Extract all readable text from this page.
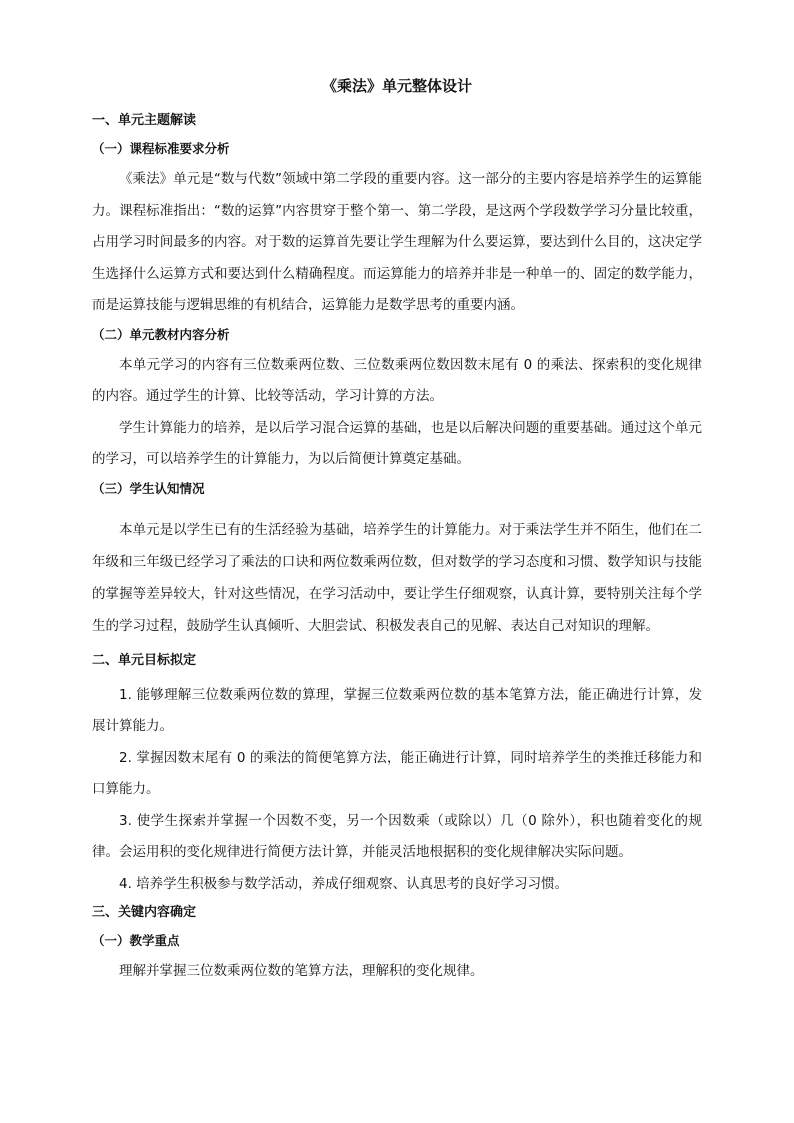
《乘法》单元整体设计
一、单元主题解读
（一）课程标准要求分析

《乘法》单元是“数与代数”领域中第二学段的重要内容。这一部分的主要内容是培养学生的运算能力。课程标准指出：“数的运算”内容贯穿于整个第一、第二学段，是这两个学段数学学习分量比较重，占用学习时间最多的内容。对于数的运算首先要让学生理解为什么要运算，要达到什么目的，这决定学生选择什么运算方式和要达到什么精确程度。而运算能力的培养并非是一种单一的、固定的数学能力，而是运算技能与逻辑思维的有机结合，运算能力是数学思考的重要内涵。

（二）单元教材内容分析

本单元学习的内容有三位数乘两位数、三位数乘两位数因数末尾有 0 的乘法、探索积的变化规律的内容。通过学生的计算、比较等活动，学习计算的方法。

学生计算能力的培养，是以后学习混合运算的基础，也是以后解决问题的重要基础。通过这个单元的学习，可以培养学生的计算能力，为以后简便计算奠定基础。

（三）学生认知情况

本单元是以学生已有的生活经验为基础，培养学生的计算能力。对于乘法学生并不陌生，他们在二年级和三年级已经学习了乘法的口诀和两位数乘两位数，但对数学的学习态度和习惯、数学知识与技能的掌握等差异较大，针对这些情况，在学习活动中，要让学生仔细观察，认真计算，要特别关注每个学生的学习过程，鼓励学生认真倾听、大胆尝试、积极发表自己的见解、表达自己对知识的理解。

二、单元目标拟定

1. 能够理解三位数乘两位数的算理，掌握三位数乘两位数的基本笔算方法，能正确进行计算，发展计算能力。

2. 掌握因数末尾有 0 的乘法的简便笔算方法，能正确进行计算，同时培养学生的类推迁移能力和口算能力。

3. 使学生探索并掌握一个因数不变，另一个因数乘（或除以）几（0 除外），积也随着变化的规律。会运用积的变化规律进行简便方法计算，并能灵活地根据积的变化规律解决实际问题。

4. 培养学生积极参与数学活动，养成仔细观察、认真思考的良好学习习惯。

三、关键内容确定
（一）教学重点

理解并掌握三位数乘两位数的笔算方法，理解积的变化规律。
